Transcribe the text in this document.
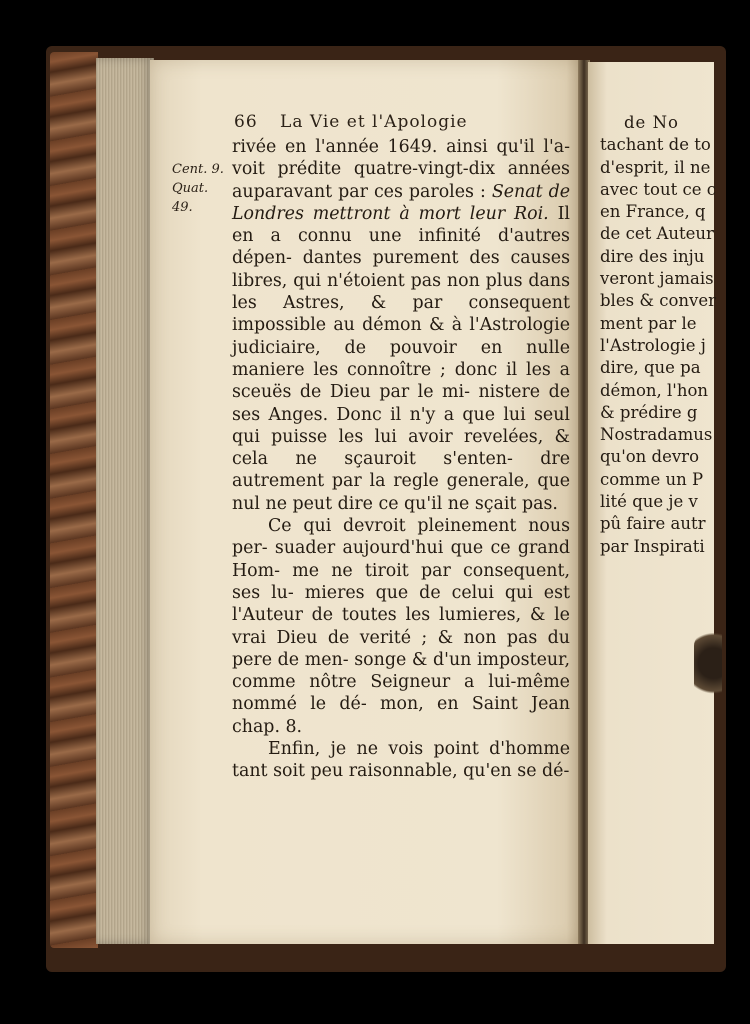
66 La Vie et l'Apologie
Cent. 9.
Quat.
49.

rivée en l'année 1649. ainsi qu'il l'a- voit prédite quatre-vingt-dix années auparavant par ces paroles : Senat de Londres mettront à mort leur Roi. Il en a connu une infinité d'autres dépen- dantes purement des causes libres, qui n'étoient pas non plus dans les Astres, & par consequent impossible au démon & à l'Astrologie judiciaire, de pouvoir en nulle maniere les connoître ; donc il les a sceuës de Dieu par le mi- nistere de ses Anges. Donc il n'y a que lui seul qui puisse les lui avoir revelées, & cela ne sçauroit s'enten- dre autrement par la regle generale, que nul ne peut dire ce qu'il ne sçait pas.

Ce qui devroit pleinement nous per- suader aujourd'hui que ce grand Hom- me ne tiroit par consequent, ses lu- mieres que de celui qui est l'Auteur de toutes les lumieres, & le vrai Dieu de verité ; & non pas du pere de men- songe & d'un imposteur, comme nôtre Seigneur a lui-même nommé le dé- mon, en Saint Jean chap. 8.

Enfin, je ne vois point d'homme tant soit peu raisonnable, qu'en se dé-

de No
tachant de to
d'esprit, il ne
avec tout ce c
en France, q
de cet Auteur
dire des inju
veront jamais
bles & conver
ment par le
l'Astrologie j
dire, que pa
démon, l'hon
& prédire g
Nostradamus
qu'on devro
comme un P
lité que je v
pû faire autr
par Inspirati
